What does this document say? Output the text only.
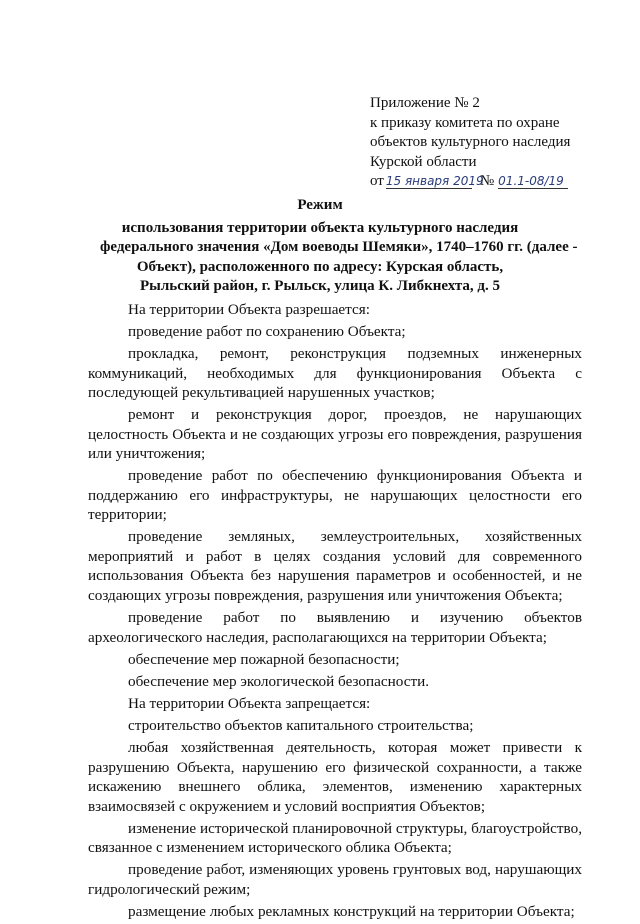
Приложение № 2
к приказу комитета по охране
объектов культурного наследия
Курской области
от 15 января 2019
№ 01.1-08/19
Режим
использования территории объекта культурного наследия
федерального значения «Дом воеводы Шемяки», 1740–1760 гг. (далее -
Объект), расположенного по адресу: Курская область,
Рыльский район, г. Рыльск, улица К. Либкнехта, д. 5

На территории Объекта разрешается:

проведение работ по сохранению Объекта;

прокладка, ремонт, реконструкция подземных инженерных коммуникаций, необходимых для функционирования Объекта с последующей рекультивацией нарушенных участков;

ремонт и реконструкция дорог, проездов, не нарушающих целостность Объекта и не создающих угрозы его повреждения, разрушения или уничтожения;

проведение работ по обеспечению функционирования Объекта и поддержанию его инфраструктуры, не нарушающих целостности его территории;

проведение земляных, землеустроительных, хозяйственных мероприятий и работ в целях создания условий для современного использования Объекта без нарушения параметров и особенностей, и не создающих угрозы повреждения, разрушения или уничтожения Объекта;

проведение работ по выявлению и изучению объектов археологического наследия, располагающихся на территории Объекта;

обеспечение мер пожарной безопасности;

обеспечение мер экологической безопасности.

На территории Объекта запрещается:

строительство объектов капитального строительства;

любая хозяйственная деятельность, которая может привести к разрушению Объекта, нарушению его физической сохранности, а также искажению внешнего облика, элементов, изменению характерных взаимосвязей с окружением и условий восприятия Объектов;

изменение исторической планировочной структуры, благоустройство, связанное с изменением исторического облика Объекта;

проведение работ, изменяющих уровень грунтовых вод, нарушающих гидрологический режим;

размещение любых рекламных конструкций на территории Объекта;
